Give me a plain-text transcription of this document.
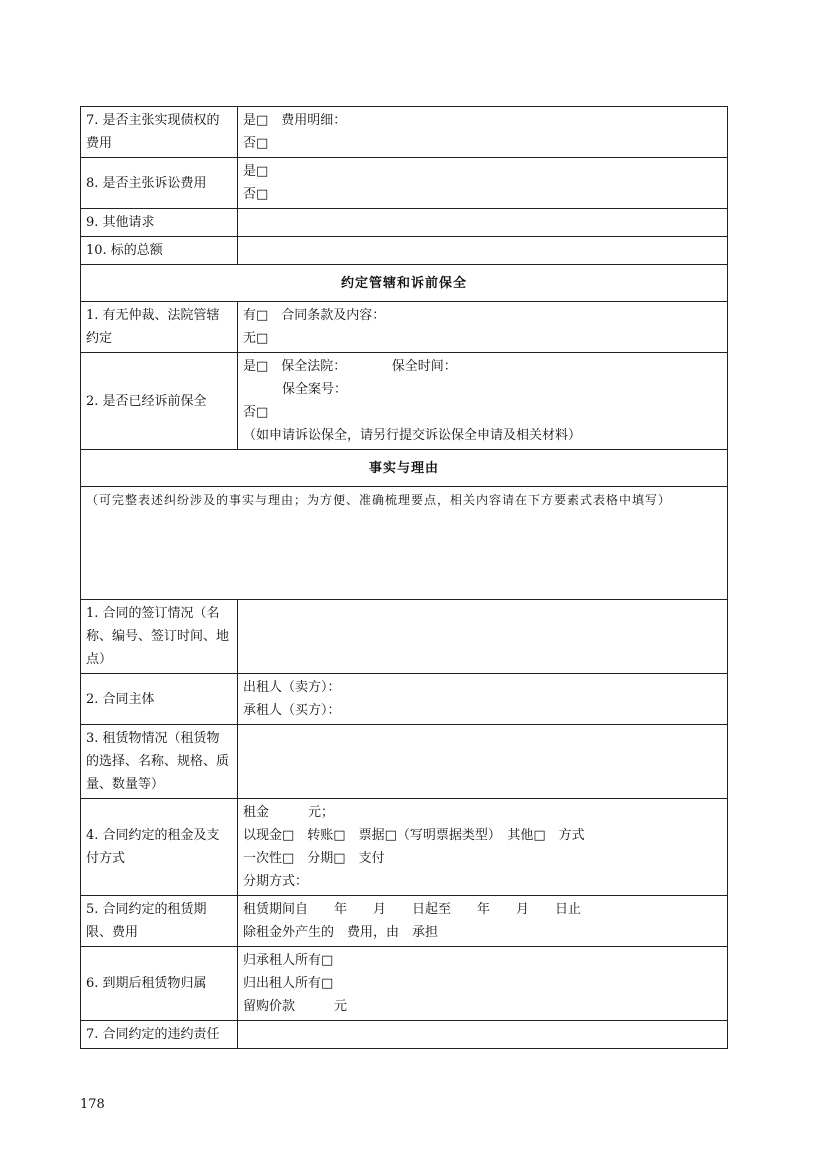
7. 是否主张实现债权的费用	是□　费用明细：
否□

8. 是否主张诉讼费用	是□
否□

9. 其他请求	
10. 标的总额	
约定管辖和诉前保全	
1. 有无仲裁、法院管辖约定	有□　合同条款及内容：
无□

2. 是否已经诉前保全	是□　保全法院：　　　　保全时间：
　　　保全案号：
否□
（如申请诉讼保全，请另行提交诉讼保全申请及相关材料）

事实与理由	
（可完整表述纠纷涉及的事实与理由；为方便、准确梳理要点，相关内容请在下方要素式表格中填写）	
1. 合同的签订情况（名称、编号、签订时间、地点）	
2. 合同主体	出租人（卖方）：
承租人（买方）：

3. 租赁物情况（租赁物的选择、名称、规格、质量、数量等）	
4. 合同约定的租金及支付方式	租金　　　元；
以现金□　转账□　票据□（写明票据类型）　其他□　方式
一次性□　分期□　支付
分期方式：

5. 合同约定的租赁期限、费用	租赁期间自　　年　　月　　日起至　　年　　月　　日止
除租金外产生的　费用，由　承担

6. 到期后租赁物归属	归承租人所有□
归出租人所有□
留购价款　　　元

7. 合同约定的违约责任	
178
